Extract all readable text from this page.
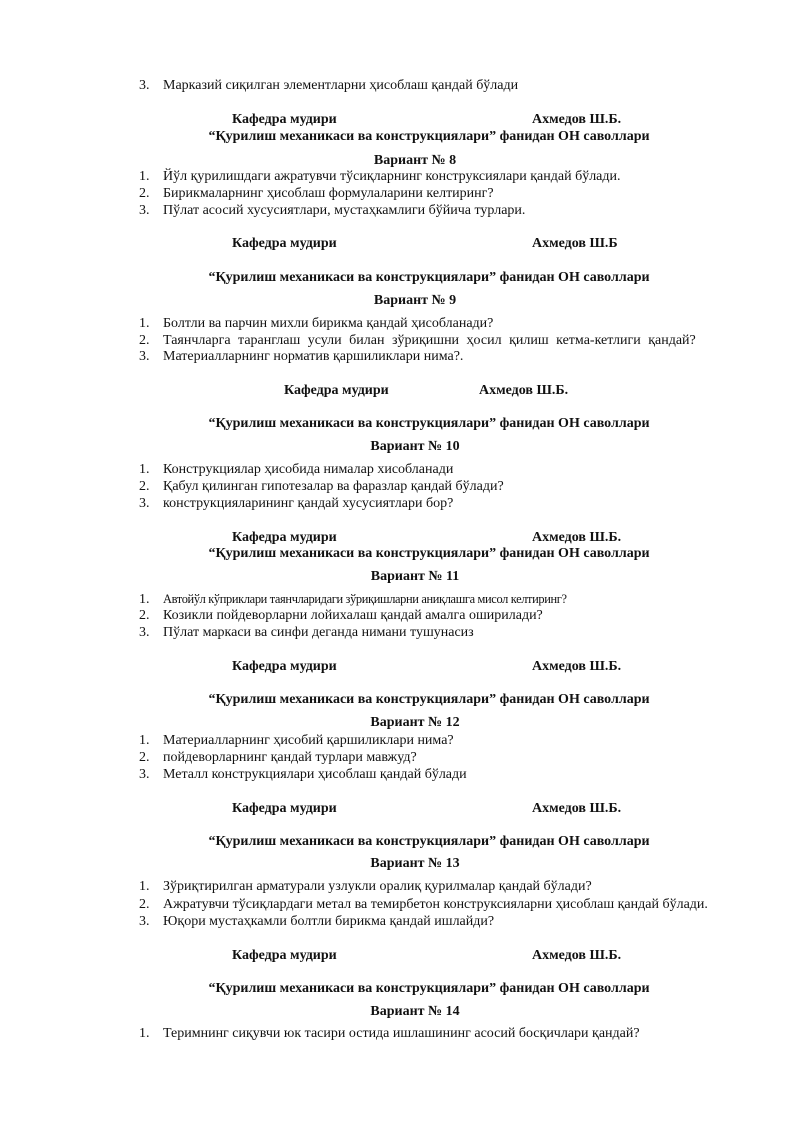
3. Марказий сиқилган элементларни ҳисоблаш қандай бўлади
Кафедра мудири	Ахмедов Ш.Б.
“Қурилиш механикаси ва конструкциялари” фанидан ОН саволлари
Вариант № 8
1. Йўл қурилишдаги ажратувчи тўсиқларнинг конструксиялари қандай бўлади.
2. Бирикмаларнинг ҳисоблаш формулаларини келтиринг?
3. Пўлат асосий хусусиятлари, мустаҳкамлиги бўйича турлари.
Кафедра мудири	Ахмедов Ш.Б
“Қурилиш механикаси ва конструкциялари” фанидан ОН саволлари
Вариант № 9
1. Болтли ва парчин михли бирикма қандай ҳисобланади?
2. Таянчларга таранглаш усули билан зўриқишни ҳосил қилиш кетма-кетлиги қандай?
3. Материалларнинг норматив қаршиликлари нима?.
Кафедра мудири	Ахмедов Ш.Б.
“Қурилиш механикаси ва конструкциялари” фанидан ОН саволлари
Вариант № 10
1. Конструкциялар ҳисобида нималар хисобланади
2. Қабул қилинган гипотезалар ва фаразлар қандай бўлади?
3. конструкцияларининг қандай хусусиятлари бор?
Кафедра мудири	Ахмедов Ш.Б.
“Қурилиш механикаси ва конструкциялари” фанидан ОН саволлари
Вариант № 11
1. Автойўл кўприклари таянчларидаги зўриқишларни аниқлашга мисол келтиринг?
2. Козикли пойдеворларни лойихалаш қандай амалга оширилади?
3. Пўлат маркаси ва синфи деганда нимани тушунасиз
Кафедра мудири	Ахмедов Ш.Б.
“Қурилиш механикаси ва конструкциялари” фанидан ОН саволлари
Вариант № 12
1. Материалларнинг ҳисобий қаршиликлари нима?
2. пойдеворларнинг қандай турлари мавжуд?
3. Металл конструкциялари ҳисоблаш қандай бўлади
Кафедра мудири	Ахмедов Ш.Б.
“Қурилиш механикаси ва конструкциялари” фанидан ОН саволлари
Вариант № 13
1. Зўриқтирилган арматурали узлукли оралиқ қурилмалар қандай бўлади?
2. Ажратувчи тўсиқлардаги метал ва темирбетон конструксияларни ҳисоблаш қандай бўлади.
3. Юқори мустаҳкамли болтли бирикма қандай ишлайди?
Кафедра мудири	Ахмедов Ш.Б.
“Қурилиш механикаси ва конструкциялари” фанидан ОН саволлари
Вариант № 14
1. Теримнинг сиқувчи юк тасири остида ишлашининг асосий босқичлари қандай?
